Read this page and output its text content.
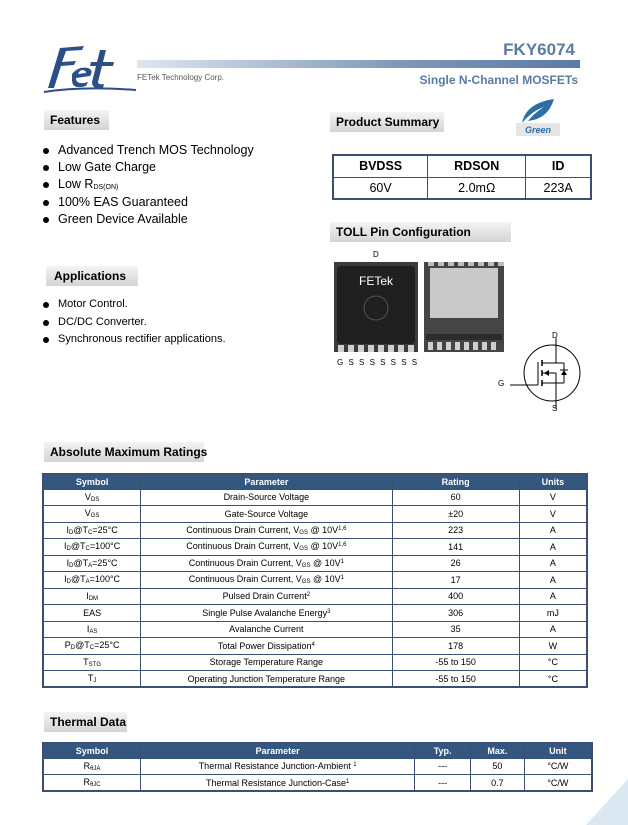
FETek Technology Corp.
FKY6074
Single N-Channel MOSFETs
Features
Advanced Trench MOS Technology
Low Gate Charge
Low $R_{DS(ON)}$
100% EAS Guaranteed
Green Device Available
Applications
Motor Control.
DC/DC Converter.
Synchronous rectifier applications.
Product Summary
Green
BVDSS	RDSON	ID
60V	2.0mΩ	223A
TOLL Pin Configuration
D
FETek
G S S S S S S S
D
G
S
Absolute Maximum Ratings
Symbol	Parameter	Rating	Units
$V_{DS}$	Drain-Source Voltage	60	V
$V_{GS}$	Gate-Source Voltage	±20	V
$I_D@T_C=25^\circ C$	Continuous Drain Current, $V_{GS}$ @ $10V^{1,6}$	223	A
$I_D@T_C=100^\circ C$	Continuous Drain Current, $V_{GS}$ @ $10V^{1,6}$	141	A
$I_D@T_A=25^\circ C$	Continuous Drain Current, $V_{GS}$ @ $10V^1$	26	A
$I_D@T_A=100^\circ C$	Continuous Drain Current, $V_{GS}$ @ $10V^1$	17	A
$I_{DM}$	Pulsed Drain Current$^2$	400	A
EAS	Single Pulse Avalanche Energy$^3$	306	mJ
$I_{AS}$	Avalanche Current	35	A
$P_D@T_C=25^\circ C$	Total Power Dissipation$^4$	178	W
$T_{STG}$	Storage Temperature Range	-55 to 150	°C
$T_J$	Operating Junction Temperature Range	-55 to 150	°C
Thermal Data
Symbol	Parameter	Typ.	Max.	Unit
$R_{\theta JA}$	Thermal Resistance Junction-Ambient $^1$	---	50	°C/W
$R_{\theta JC}$	Thermal Resistance Junction-Case$^1$	---	0.7	°C/W
